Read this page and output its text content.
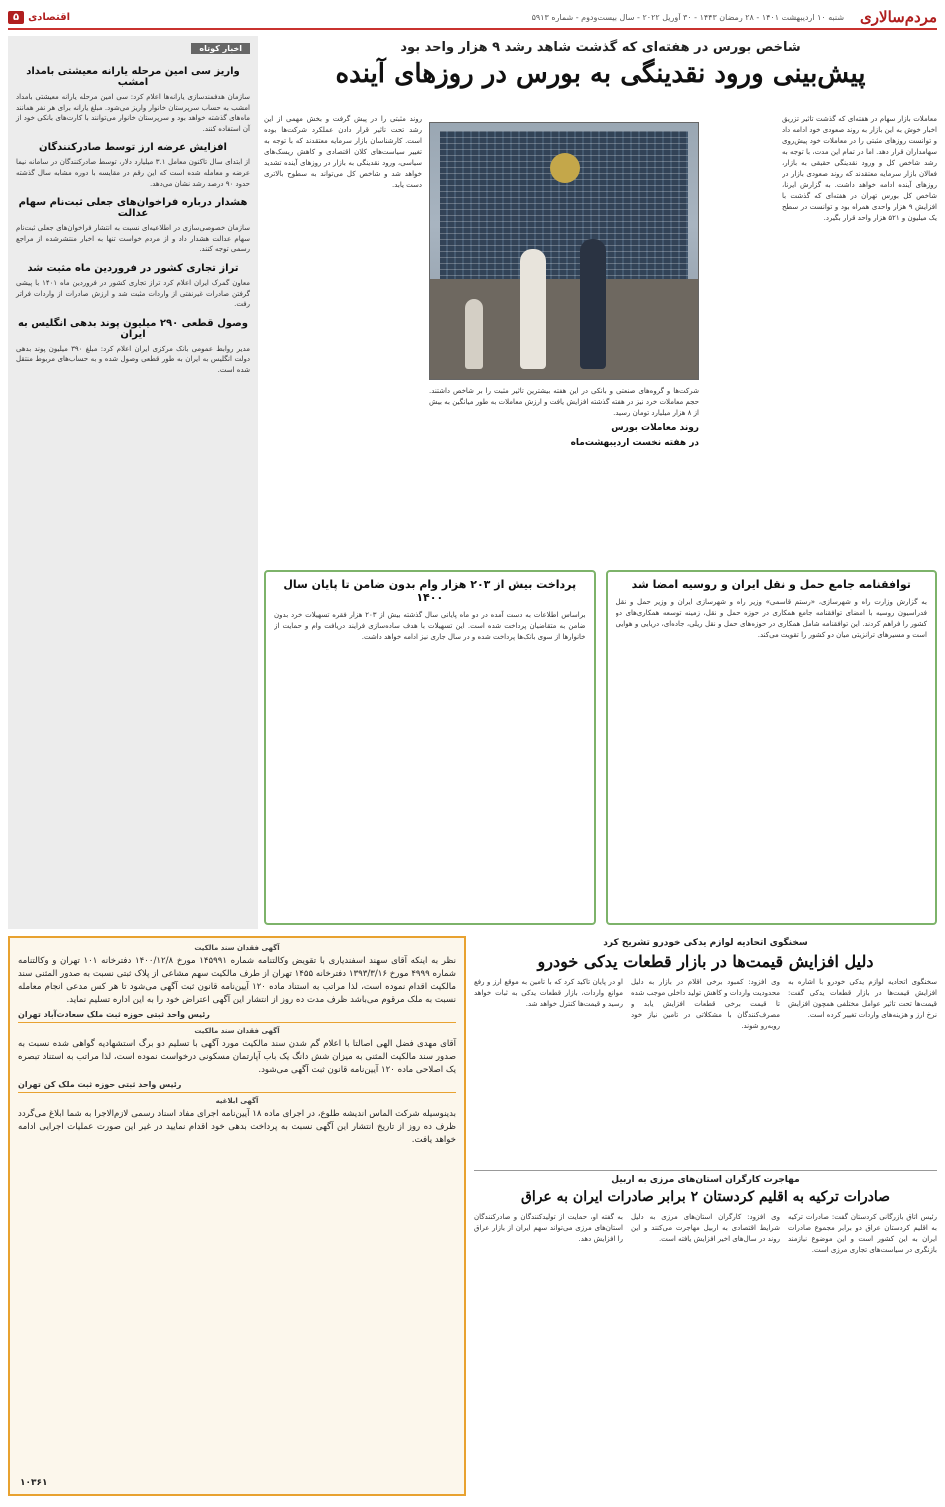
مردم‌سالاری
شنبه ۱۰ اردیبهشت ۱۴۰۱ - ۲۸ رمضان ۱۴۴۳ - ۳۰ آوریل ۲۰۲۲ - سال بیست‌ودوم - شماره ۵۹۱۳
اقتصادی
۵
شاخص بورس در هفته‌ای که گذشت شاهد رشد ۹ هزار واحد بود
پیش‌بینی ورود نقدینگی به بورس در روزهای آینده

معاملات بازار سهام در هفته‌ای که گذشت تاثیر تزریق اخبار خوش به این بازار به روند صعودی خود ادامه داد و توانست روزهای مثبتی را در معاملات خود پیش‌روی سهامداران قرار دهد. اما در تمام این مدت، با توجه به رشد شاخص کل و ورود نقدینگی حقیقی به بازار، فعالان بازار سرمایه معتقدند که روند صعودی بازار در روزهای آینده ادامه خواهد داشت. به گزارش ایرنا، شاخص کل بورس تهران در هفته‌ای که گذشت با افزایش ۹ هزار واحدی همراه بود و توانست در سطح یک میلیون و ۵۲۱ هزار واحد قرار بگیرد.

روند مثبتی را در پیش گرفت و بخش مهمی از این رشد تحت تاثیر قرار دادن عملکرد شرکت‌ها بوده است. کارشناسان بازار سرمایه معتقدند که با توجه به تغییر سیاست‌های کلان اقتصادی و کاهش ریسک‌های سیاسی، ورود نقدینگی به بازار در روزهای آینده تشدید خواهد شد و شاخص کل می‌تواند به سطوح بالاتری دست یابد.

شرکت‌ها و گروه‌های صنعتی و بانکی در این هفته بیشترین تاثیر مثبت را بر شاخص داشتند. حجم معاملات خرد نیز در هفته گذشته افزایش یافت و ارزش معاملات به طور میانگین به بیش از ۸ هزار میلیارد تومان رسید.

روند معاملات بورس
در هفته نخست اردیبهشت‌ماه
توافقنامه جامع حمل و نقل ایران و روسیه امضا شد
به گزارش وزارت راه و شهرسازی، «رستم قاسمی» وزیر راه و شهرسازی ایران و وزیر حمل و نقل فدراسیون روسیه با امضای توافقنامه جامع همکاری در حوزه حمل و نقل، زمینه توسعه همکاری‌های دو کشور را فراهم کردند. این توافقنامه شامل همکاری در حوزه‌های حمل و نقل ریلی، جاده‌ای، دریایی و هوایی است و مسیرهای ترانزیتی میان دو کشور را تقویت می‌کند.
پرداخت بیش از ۲۰۳ هزار وام بدون ضامن تا پایان سال ۱۴۰۰
براساس اطلاعات به دست آمده در دو ماه پایانی سال گذشته بیش از ۲۰۳ هزار فقره تسهیلات خرد بدون ضامن به متقاضیان پرداخت شده است. این تسهیلات با هدف ساده‌سازی فرایند دریافت وام و حمایت از خانوارها از سوی بانک‌ها پرداخت شده و در سال جاری نیز ادامه خواهد داشت.
اخبار کوتاه
واریز سی امین مرحله یارانه معیشتی بامداد امشب
سازمان هدفمندسازی یارانه‌ها اعلام کرد: سی امین مرحله یارانه معیشتی بامداد امشب به حساب سرپرستان خانوار واریز می‌شود. مبلغ یارانه برای هر نفر همانند ماه‌های گذشته خواهد بود و سرپرستان خانوار می‌توانند با کارت‌های بانکی خود از آن استفاده کنند.
افزایش عرضه ارز توسط صادرکنندگان
از ابتدای سال تاکنون معامل ۳.۱ میلیارد دلار، توسط صادرکنندگان در سامانه نیما عرضه و معامله شده است که این رقم در مقایسه با دوره مشابه سال گذشته حدود ۹۰ درصد رشد نشان می‌دهد.
هشدار درباره فراخوان‌های جعلی ثبت‌نام سهام عدالت
سازمان خصوصی‌سازی در اطلاعیه‌ای نسبت به انتشار فراخوان‌های جعلی ثبت‌نام سهام عدالت هشدار داد و از مردم خواست تنها به اخبار منتشرشده از مراجع رسمی توجه کنند.
تراز تجاری کشور در فروردین ماه مثبت شد
معاون گمرک ایران اعلام کرد تراز تجاری کشور در فروردین ماه ۱۴۰۱ با پیشی گرفتن صادرات غیرنفتی از واردات مثبت شد و ارزش صادرات از واردات فراتر رفت.
وصول قطعی ۲۹۰ میلیون پوند بدهی انگلیس به ایران
مدیر روابط عمومی بانک مرکزی ایران اعلام کرد: مبلغ ۳۹۰ میلیون پوند بدهی دولت انگلیس به ایران به طور قطعی وصول شده و به حساب‌های مربوط منتقل شده است.
آگهی فقدان سند مالکیت
نظر به اینکه آقای سهند اسفندیاری با تقویض وکالتنامه شماره ۱۴۵۹۹۱ مورخ ۱۴۰۰/۱۲/۸ دفترخانه ۱۰۱ تهران و وکالتنامه شماره ۴۹۹۹ مورخ ۱۳۹۳/۳/۱۶ دفترخانه ۱۴۵۵ تهران از طرف مالکیت سهم مشاعی از پلاک ثبتی نسبت به صدور المثنی سند مالکیت اقدام نموده است، لذا مراتب به استناد ماده ۱۲۰ آیین‌نامه قانون ثبت آگهی می‌شود تا هر کس مدعی انجام معامله نسبت به ملک مرقوم می‌باشد ظرف مدت ده روز از انتشار این آگهی اعتراض خود را به این اداره تسلیم نماید.
رئیس واحد ثبتی حوزه ثبت ملک سعادت‌آباد تهران
آگهی فقدان سند مالکیت
آقای مهدی فضل الهی اصالتا با اعلام گم شدن سند مالکیت مورد آگهی با تسلیم دو برگ استشهادیه گواهی شده نسبت به صدور سند مالکیت المثنی به میزان شش دانگ یک باب آپارتمان مسکونی درخواست نموده است، لذا مراتب به استناد تبصره یک اصلاحی ماده ۱۲۰ آیین‌نامه قانون ثبت آگهی می‌شود.
رئیس واحد ثبتی حوزه ثبت ملک کن تهران
آگهی ابلاغیه
بدینوسیله شرکت الماس اندیشه طلوع، در اجرای ماده ۱۸ آیین‌نامه اجرای مفاد اسناد رسمی لازم‌الاجرا به شما ابلاغ می‌گردد ظرف ده روز از تاریخ انتشار این آگهی نسبت به پرداخت بدهی خود اقدام نمایید در غیر این صورت عملیات اجرایی ادامه خواهد یافت.
۱۰۳۶۱
سخنگوی اتحادیه لوازم یدکی خودرو تشریح کرد
دلیل افزایش قیمت‌ها در بازار قطعات یدکی خودرو
سخنگوی اتحادیه لوازم یدکی خودرو با اشاره به افزایش قیمت‌ها در بازار قطعات یدکی گفت: قیمت‌ها تحت تاثیر عوامل مختلفی همچون افزایش نرخ ارز و هزینه‌های واردات تغییر کرده است.
وی افزود: کمبود برخی اقلام در بازار به دلیل محدودیت واردات و کاهش تولید داخلی موجب شده تا قیمت برخی قطعات افزایش یابد و مصرف‌کنندگان با مشکلاتی در تامین نیاز خود روبه‌رو شوند.
او در پایان تاکید کرد که با تامین به موقع ارز و رفع موانع واردات، بازار قطعات یدکی به ثبات خواهد رسید و قیمت‌ها کنترل خواهد شد.
مهاجرت کارگران استان‌های مرزی به اربیل
صادرات ترکیه به اقلیم کردستان ۲ برابر صادرات ایران به عراق
رئیس اتاق بازرگانی کردستان گفت: صادرات ترکیه به اقلیم کردستان عراق دو برابر مجموع صادرات ایران به این کشور است و این موضوع نیازمند بازنگری در سیاست‌های تجاری مرزی است.
وی افزود: کارگران استان‌های مرزی به دلیل شرایط اقتصادی به اربیل مهاجرت می‌کنند و این روند در سال‌های اخیر افزایش یافته است.
به گفته او، حمایت از تولیدکنندگان و صادرکنندگان استان‌های مرزی می‌تواند سهم ایران از بازار عراق را افزایش دهد.
